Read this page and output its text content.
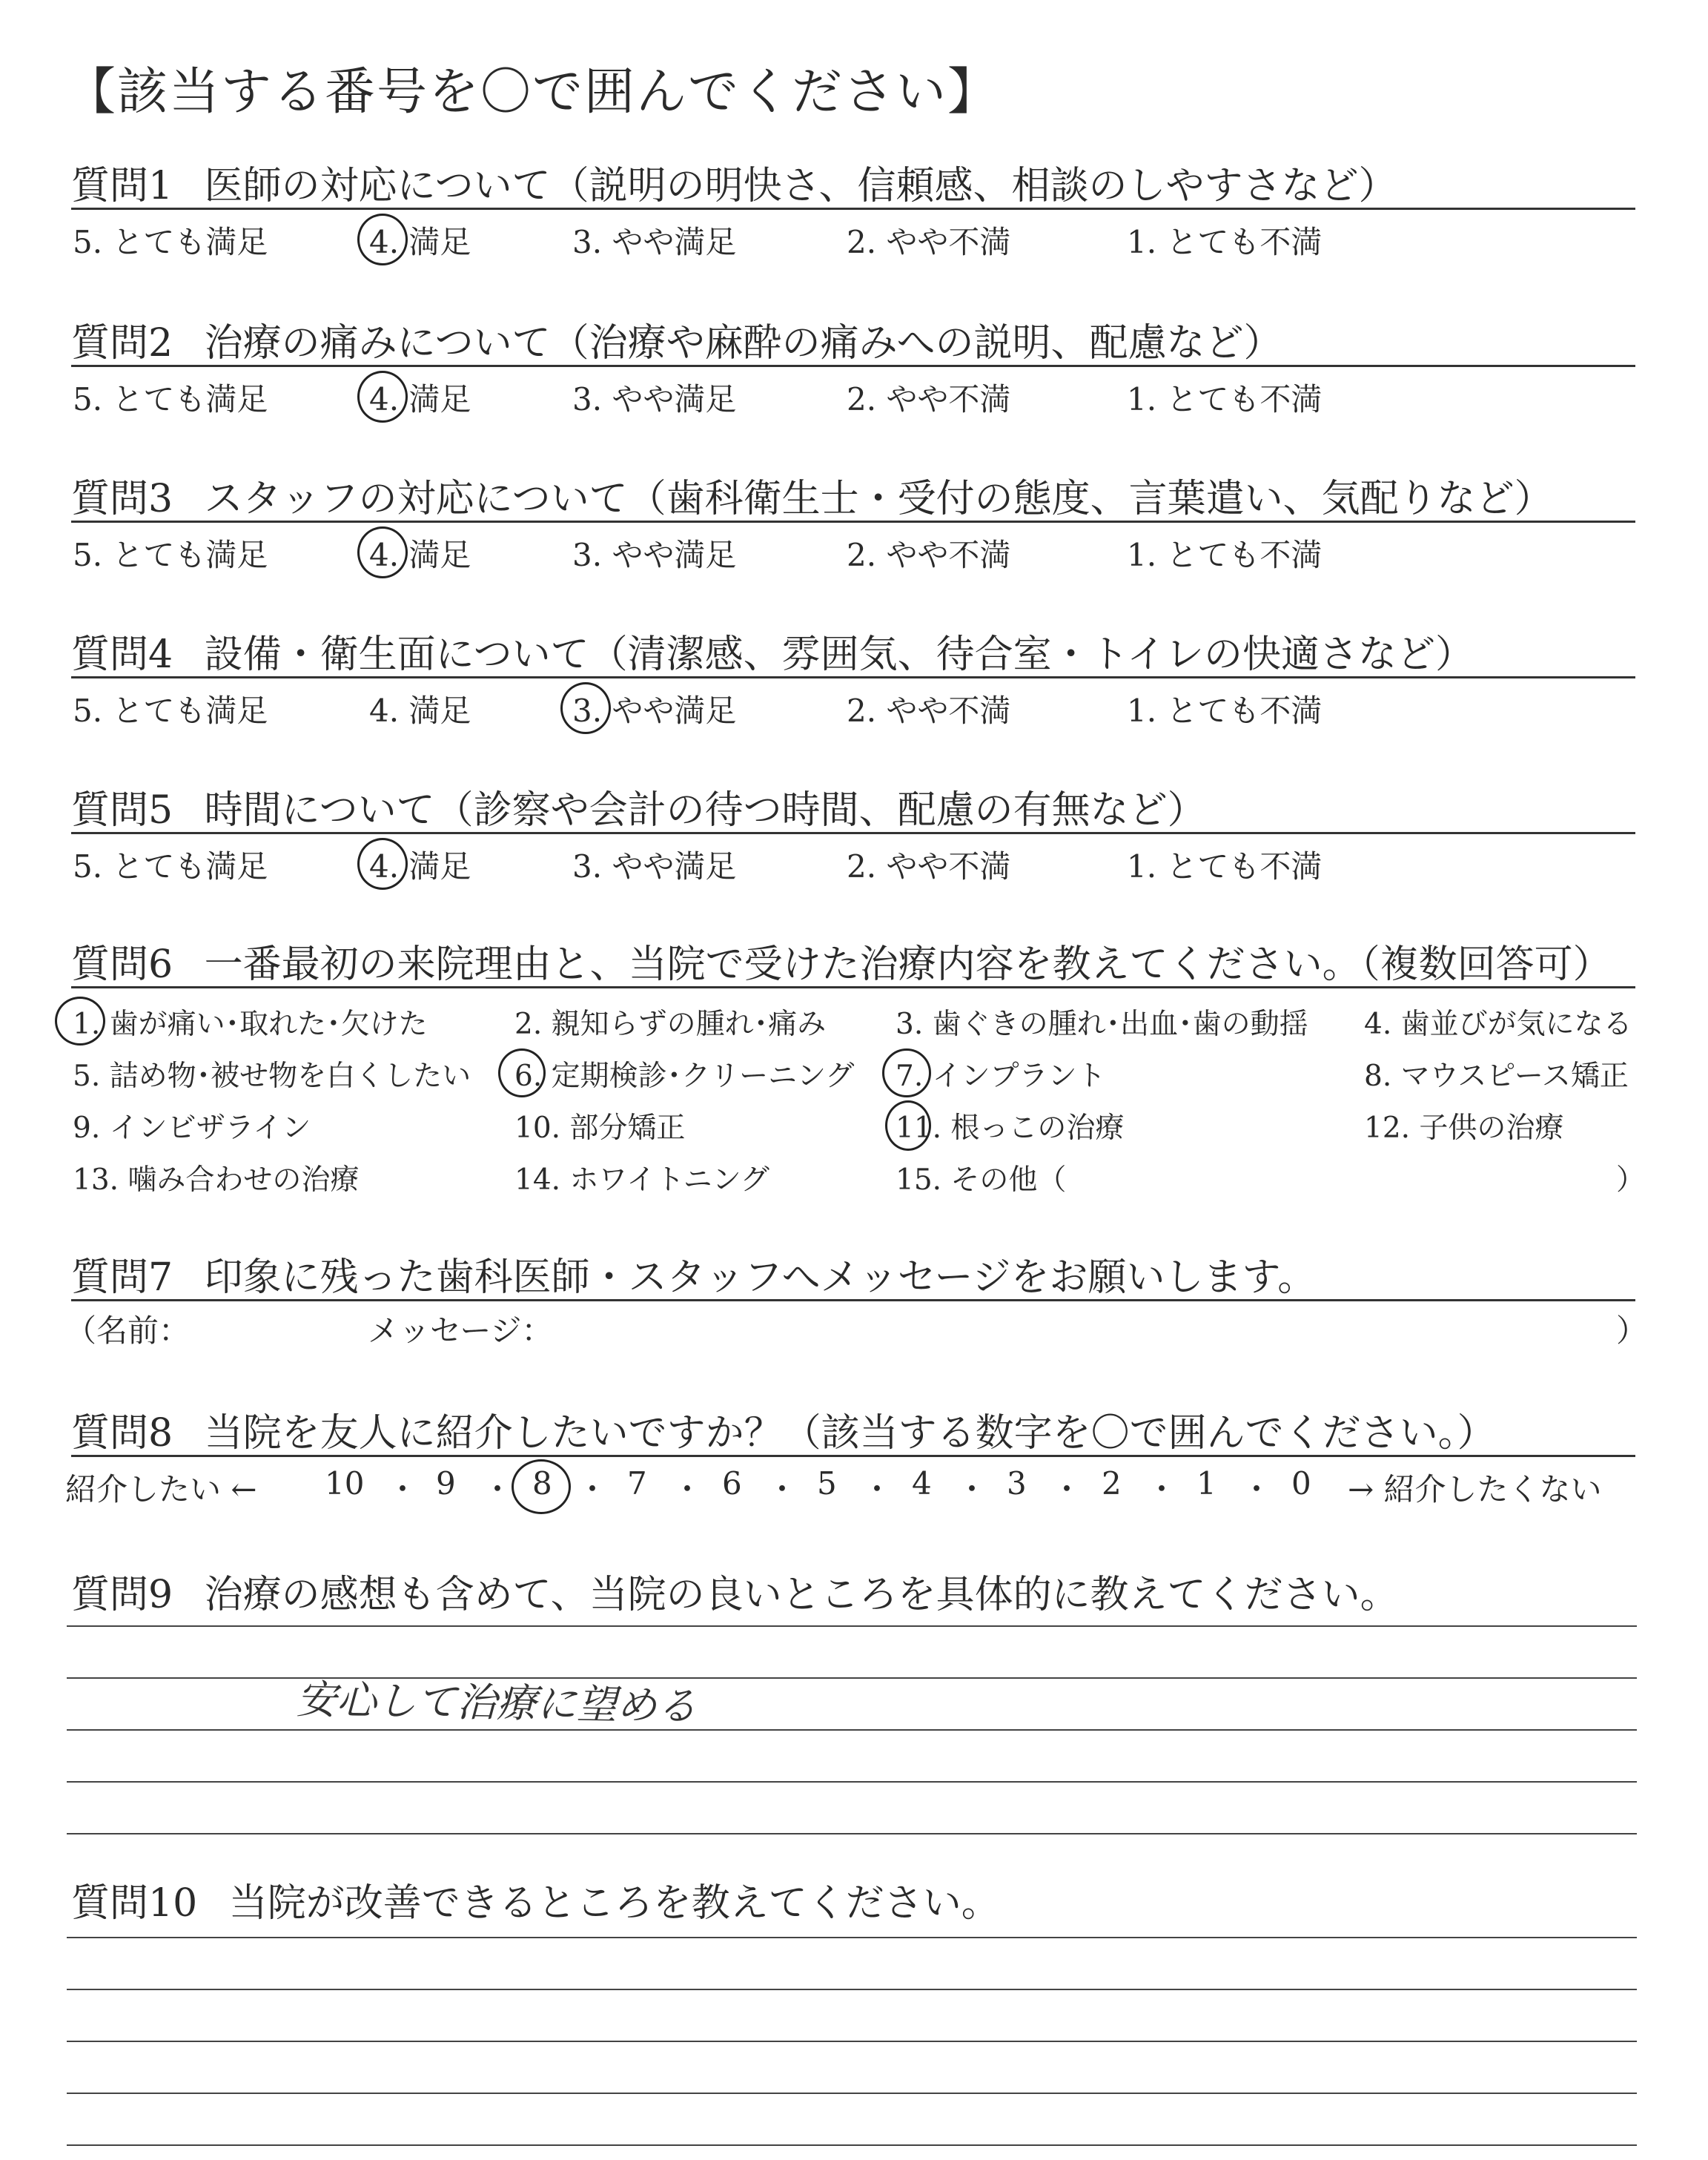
【該当する番号を〇で囲んでください】
質問1 医師の対応について（説明の明快さ、信頼感、相談のしやすさなど）
5. とても満足	4. 満足	3. やや満足	2. やや不満	1. とても不満
質問2 治療の痛みについて（治療や麻酔の痛みへの説明、配慮など）
5. とても満足	4. 満足	3. やや満足	2. やや不満	1. とても不満
質問3 スタッフの対応について（歯科衛生士・受付の態度、言葉遣い、気配りなど）
5. とても満足	4. 満足	3. やや満足	2. やや不満	1. とても不満
質問4 設備・衛生面について（清潔感、雰囲気、待合室・トイレの快適さなど）
5. とても満足	4. 満足	3. やや満足	2. やや不満	1. とても不満
質問5 時間について（診察や会計の待つ時間、配慮の有無など）
5. とても満足	4. 満足	3. やや満足	2. やや不満	1. とても不満
質問6 一番最初の来院理由と、当院で受けた治療内容を教えてください。（複数回答可）
1. 歯が痛い･取れた･欠けた	2. 親知らずの腫れ･痛み 3. 歯ぐきの腫れ･出血･歯の動揺 4. 歯並びが気になる
5. 詰め物･被せ物を白くしたい 6. 定期検診･クリーニング 7. インプラント	8. マウスピース矯正
9. インビザライン	10. 部分矯正	11. 根っこの治療	12. 子供の治療
13. 噛み合わせの治療	14. ホワイトニング	15. その他（	）
質問7 印象に残った歯科医師・スタッフへメッセージをお願いします。
（名前：	メッセージ：	）
質問8 当院を友人に紹介したいですか？（該当する数字を〇で囲んでください。）
紹介したい ← 10 ・ 9 ・ 8 ・ 7 ・ 6 ・ 5 ・ 4 ・ 3 ・ 2 ・ 1 ・ 0 → 紹介したくない
質問9 治療の感想も含めて、当院の良いところを具体的に教えてください。
安心して治療に望める
質問10 当院が改善できるところを教えてください。
